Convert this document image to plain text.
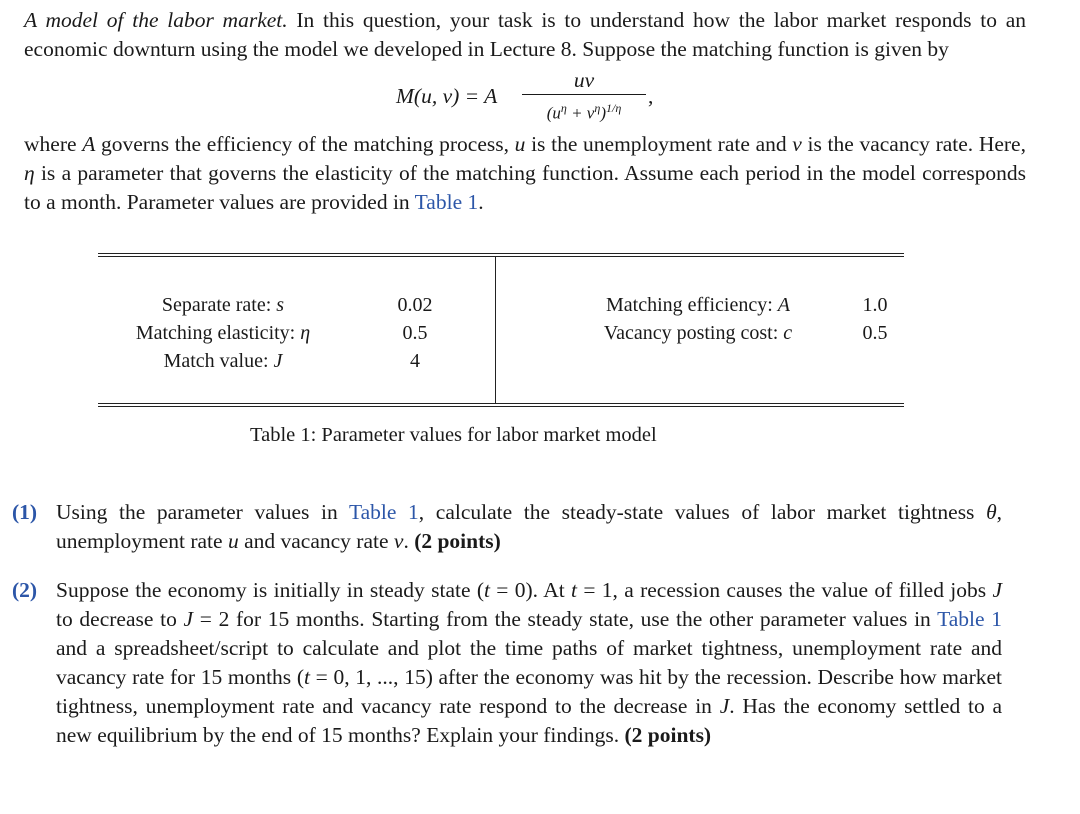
A model of the labor market. In this question, your task is to understand how the labor market responds to an economic downturn using the model we developed in Lecture 8. Suppose the matching function is given by

M(u, v) = A
uv
$(u^\eta + v^\eta)^{1/\eta}$	,

where A governs the efficiency of the matching process, u is the unemployment rate and v is the vacancy rate. Here, η is a parameter that governs the elasticity of the matching function. Assume each period in the model corresponds to a month. Parameter values are provided in Table 1.

Separate rate: s	0.02
Matching elasticity: η	0.5
Match value: J	4
Matching efficiency: A	1.0
Vacancy posting cost: c	0.5
Table 1: Parameter values for labor market model
(1) Using the parameter values in Table 1, calculate the steady-state values of labor market tightness θ, unemployment rate u and vacancy rate v. (2 points)
(2) Suppose the economy is initially in steady state (t = 0). At t = 1, a recession causes the value of filled jobs J to decrease to J = 2 for 15 months. Starting from the steady state, use the other parameter values in Table 1 and a spreadsheet/script to calculate and plot the time paths of market tightness, unemployment rate and vacancy rate for 15 months (t = 0, 1, ..., 15) after the economy was hit by the recession. Describe how market tightness, unemployment rate and vacancy rate respond to the decrease in J. Has the economy settled to a new equilibrium by the end of 15 months? Explain your findings. (2 points)
